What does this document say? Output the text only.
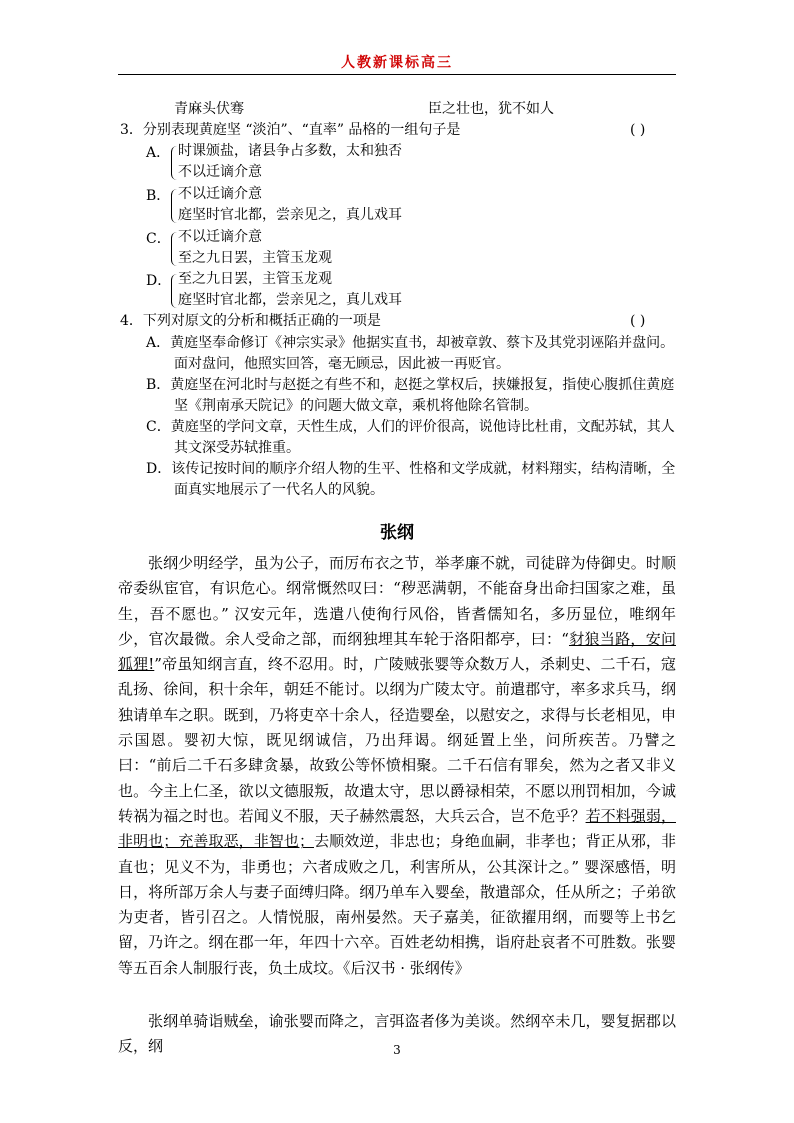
人教新课标高三
青麻头伏骞	臣之壮也，犹不如人
3．分别表现黄庭坚 “淡泊”、“直率” 品格的一组句子是	( )
A． 时课颁盐，诸县争占多数，太和独否
不以迁谪介意
B． 不以迁谪介意
庭坚时官北都，尝亲见之，真儿戏耳
C． 不以迁谪介意
至之九日罢，主管玉龙观
D． 至之九日罢，主管玉龙观
庭坚时官北都，尝亲见之，真儿戏耳
4．下列对原文的分析和概括正确的一项是	( )
A．黄庭坚奉命修订《神宗实录》他据实直书，却被章敦、蔡卞及其党羽诬陷并盘问。
面对盘问，他照实回答，毫无顾忌，因此被一再贬官。
B．黄庭坚在河北时与赵挺之有些不和，赵挺之掌权后，挟嫌报复，指使心腹抓住黄庭
坚《荆南承天院记》的问题大做文章，乘机将他除名管制。
C．黄庭坚的学问文章，天性生成，人们的评价很高，说他诗比杜甫，文配苏轼，其人
其文深受苏轼推重。
D．该传记按时间的顺序介绍人物的生平、性格和文学成就，材料翔实，结构清晰，全
面真实地展示了一代名人的风貌。
张纲

张纲少明经学，虽为公子，而厉布衣之节，举孝廉不就，司徒辟为侍御史。时顺帝委纵宦官，有识危心。纲常慨然叹曰：“秽恶满朝，不能奋身出命扫国家之难，虽生，吾不愿也。” 汉安元年，选遣八使徇行风俗，皆耆儒知名，多历显位，唯纲年少，官次最微。余人受命之部，而纲独埋其车轮于洛阳都亭，曰：“豺狼当路，安问狐狸!”帝虽知纲言直，终不忍用。时，广陵贼张婴等众数万人，杀刺史、二千石，寇乱扬、徐间，积十余年，朝廷不能讨。以纲为广陵太守。前遣郡守，率多求兵马，纲独请单车之职。既到，乃将吏卒十余人，径造婴垒，以慰安之，求得与长老相见，申示国恩。婴初大惊，既见纲诚信，乃出拜谒。纲延置上坐，问所疾苦。乃譬之曰：“前后二千石多肆贪暴，故致公等怀愤相聚。二千石信有罪矣，然为之者又非义也。今主上仁圣，欲以文德服叛，故遣太守，思以爵禄相荣，不愿以刑罚相加，今诚转祸为福之时也。若闻义不服，天子赫然震怒，大兵云合，岂不危乎？若不料强弱，非明也；充善取恶，非智也；去顺效逆，非忠也；身绝血嗣，非孝也；背正从邪，非直也；见义不为，非勇也；六者成败之几，利害所从，公其深计之。” 婴深感悟，明日，将所部万余人与妻子面缚归降。纲乃单车入婴垒，散遣部众，任从所之；子弟欲为吏者，皆引召之。人情悦服，南州晏然。天子嘉美，征欲擢用纲，而婴等上书乞留，乃许之。纲在郡一年，年四十六卒。百姓老幼相携，诣府赴哀者不可胜数。张婴等五百余人制服行丧，负土成坟。《后汉书 · 张纲传》

张纲单骑诣贼垒，谕张婴而降之，言弭盗者侈为美谈。然纲卒未几，婴复据郡以反，纲	3
